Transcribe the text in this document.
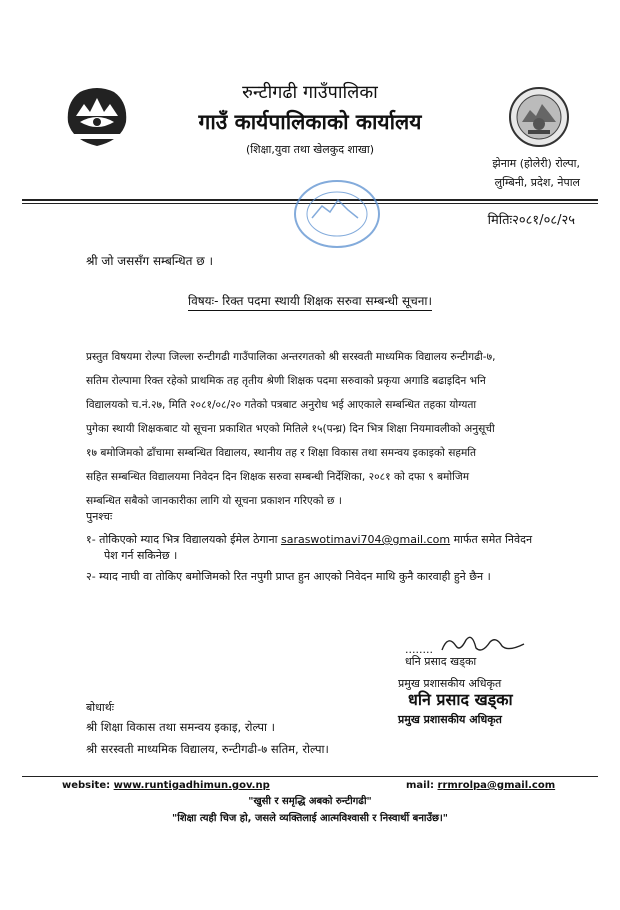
रुन्टीगढी गाउँपालिका
गाउँ कार्यपालिकाको कार्यालय
(शिक्षा,युवा तथा खेलकुद शाखा)
झेनाम (होलेरी) रोल्पा,
लुम्बिनी, प्रदेश, नेपाल
मितिः२०८१/०८/२५
श्री जो जससँग सम्बन्धित छ ।
विषयः- रिक्त पदमा स्थायी शिक्षक सरुवा सम्बन्धी सूचना।
प्रस्तुत विषयमा रोल्पा जिल्ला रुन्टीगढी गाउँपालिका अन्तरगतको श्री सरस्वती माध्यमिक विद्यालय रुन्टीगढी-७,
सतिम रोल्पामा रिक्त रहेको प्राथमिक तह तृतीय श्रेणी शिक्षक पदमा सरुवाको प्रकृया अगाडि बढाइदिन भनि
विद्यालयको च.नं.२७, मिति २०८१/०८/२० गतेको पत्रबाट अनुरोध भई आएकाले सम्बन्धित तहका योग्यता
पुगेका स्थायी शिक्षकबाट यो सूचना प्रकाशित भएको मितिले १५(पन्ध्र) दिन भित्र शिक्षा नियमावलीको अनुसूची
१७ बमोजिमको ढाँचामा सम्बन्धित विद्यालय, स्थानीय तह र शिक्षा विकास तथा समन्वय इकाइको सहमति
सहित सम्बन्धित विद्यालयमा निवेदन दिन शिक्षक सरुवा सम्बन्धी निर्देशिका, २०८१ को दफा ९ बमोजिम
सम्बन्धित सबैको जानकारीका लागि यो सूचना प्रकाशन गरिएको छ ।
पुनश्चः
१- तोकिएको म्याद भित्र विद्यालयको ईमेल ठेगाना saraswotimavi704@gmail.com मार्फत समेत निवेदन
पेश गर्न सकिनेछ ।
२- म्याद नाघी वा तोकिए बमोजिमको रित नपुगी प्राप्त हुन आएको निवेदन माथि कुनै कारवाही हुने छैन ।
........
धनि प्रसाद खड्का
प्रमुख प्रशासकीय अधिकृत
धनि प्रसाद खड्का
प्रमुख प्रशासकीय अधिकृत
बोधार्थः
श्री शिक्षा विकास तथा समन्वय इकाइ, रोल्पा ।
श्री सरस्वती माध्यमिक विद्यालय, रुन्टीगढी-७ सतिम, रोल्पा।
website: www.runtigadhimun.gov.np	mail: rrmrolpa@gmail.com
"खुसी र समृद्धि अबको रुन्टीगढी"
"शिक्षा त्यही चिज हो, जसले व्यक्तिलाई आत्मविश्वासी र निस्वार्थी बनाउँछ।"
